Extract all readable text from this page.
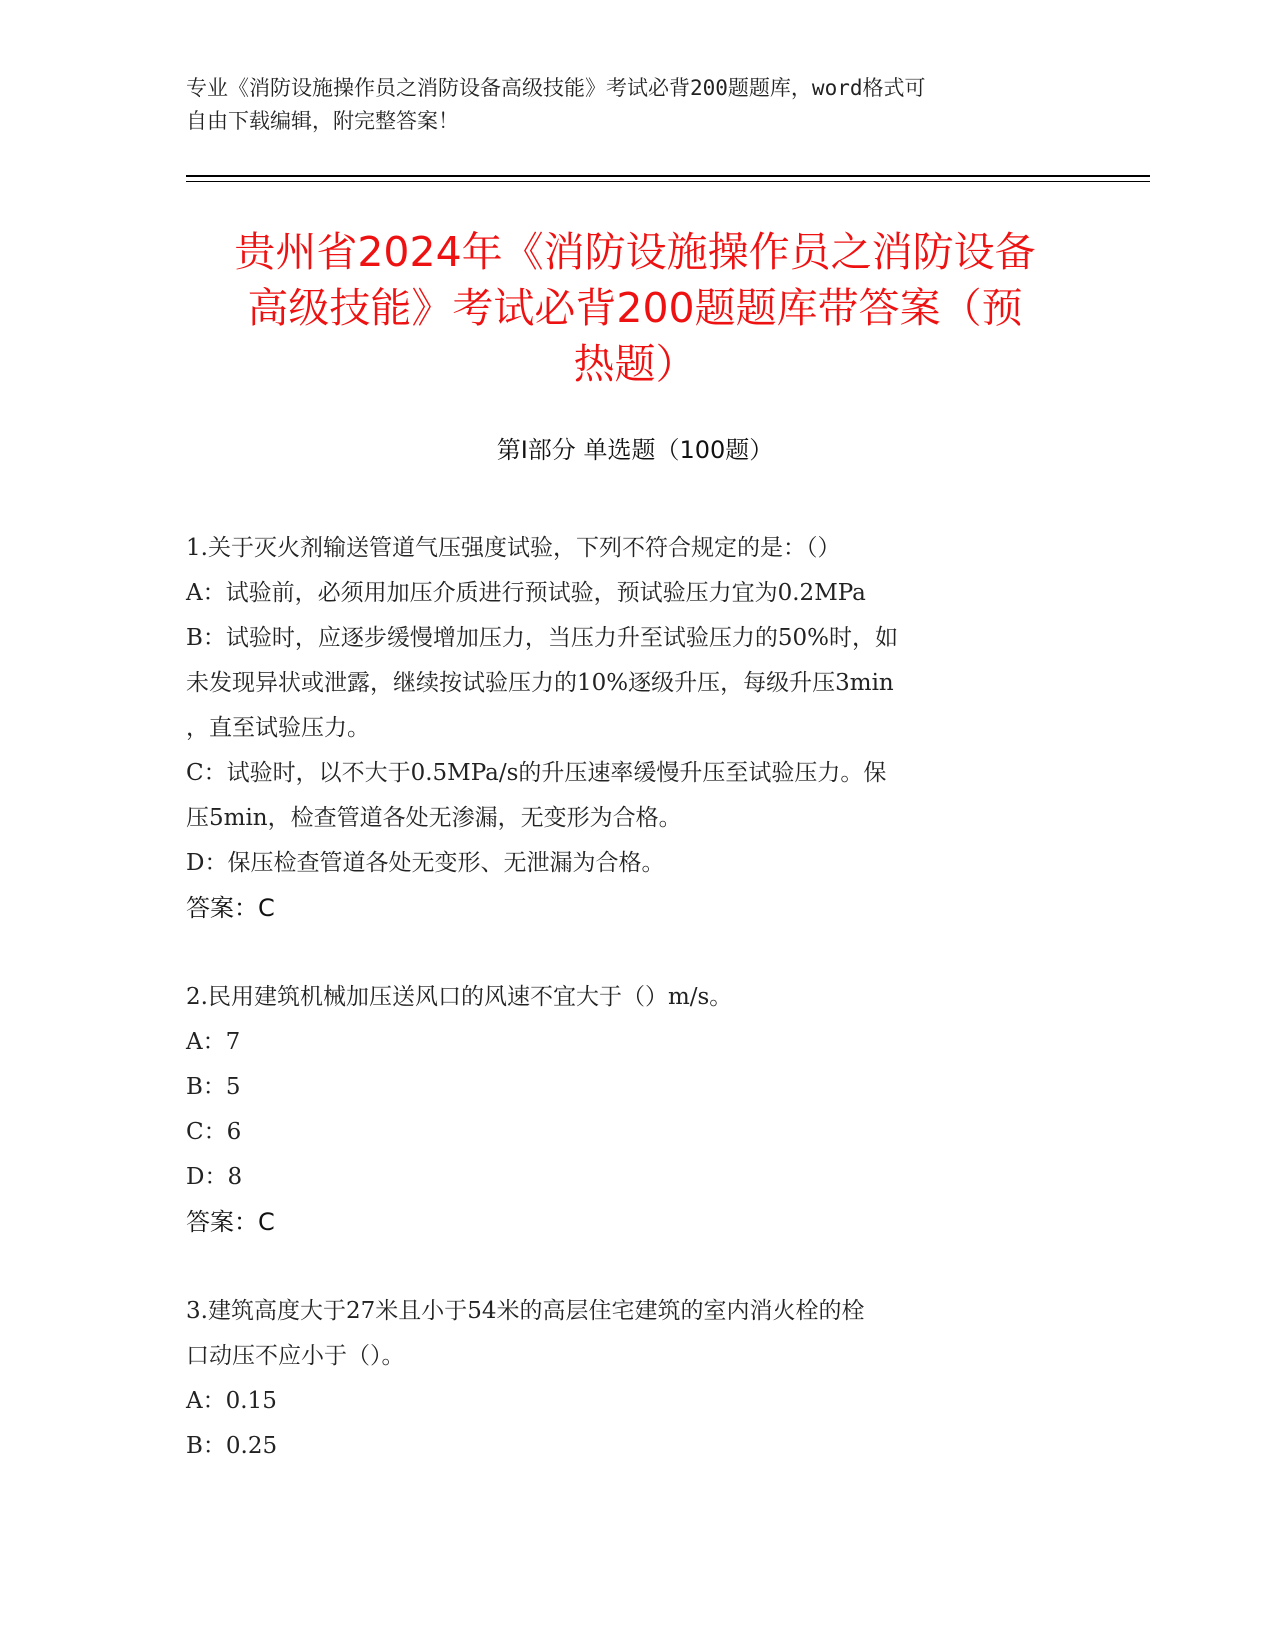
专业《消防设施操作员之消防设备高级技能》考试必背200题题库，word格式可
自由下载编辑，附完整答案！
贵州省2024年《消防设施操作员之消防设备
高级技能》考试必背200题题库带答案（预
热题）
第I部分 单选题（100题）
1.关于灭火剂输送管道气压强度试验，下列不符合规定的是：（）
A：试验前，必须用加压介质进行预试验，预试验压力宜为0.2MPa
B：试验时，应逐步缓慢增加压力，当压力升至试验压力的50%时，如
未发现异状或泄露，继续按试验压力的10%逐级升压，每级升压3min
，直至试验压力。
C：试验时，以不大于0.5MPa/s的升压速率缓慢升压至试验压力。保
压5min，检查管道各处无渗漏，无变形为合格。
D：保压检查管道各处无变形、无泄漏为合格。
答案：C
2.民用建筑机械加压送风口的风速不宜大于（）m/s。
A：7
B：5
C：6
D：8
答案：C
3.建筑高度大于27米且小于54米的高层住宅建筑的室内消火栓的栓
口动压不应小于（）。
A：0.15
B：0.25
